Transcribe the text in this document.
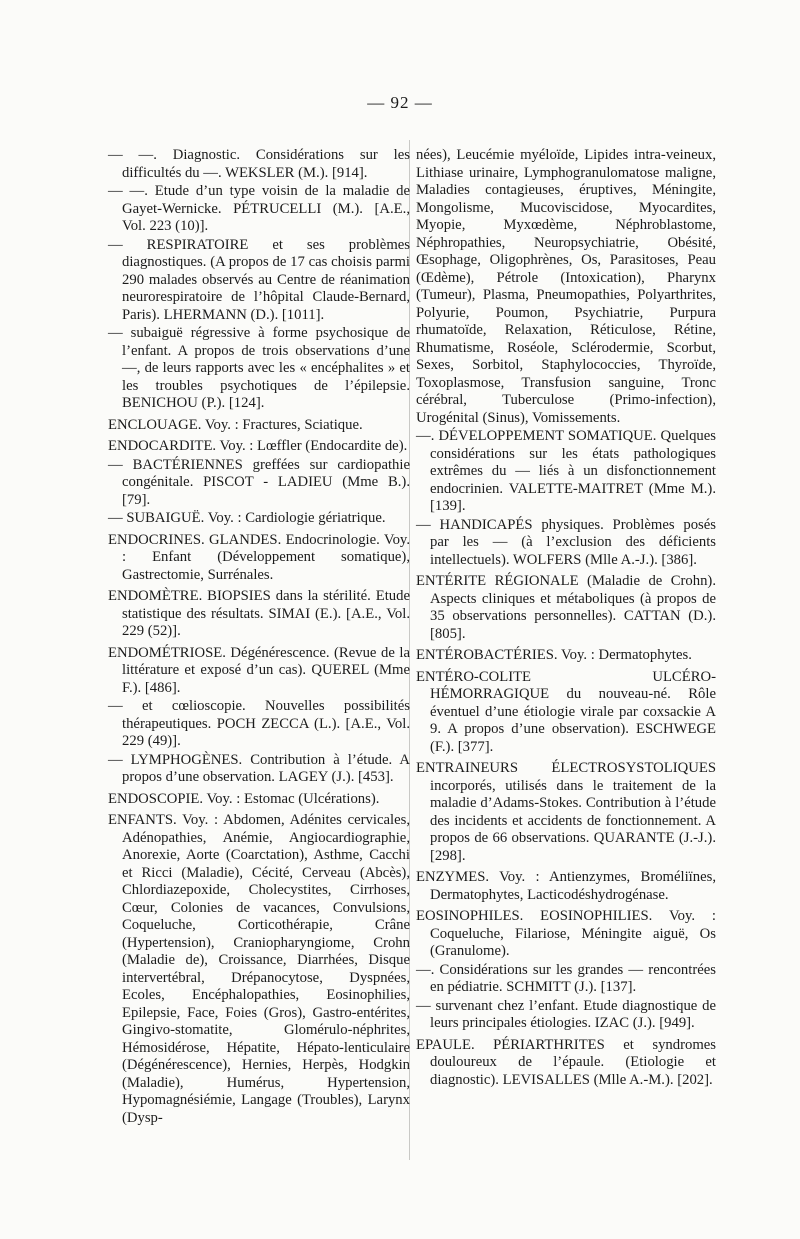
— 92 —

— —. Diagnostic. Considérations sur les difficultés du —. WEKSLER (M.). [914].

— —. Etude d’un type voisin de la maladie de Gayet-Wernicke. PÉTRUCELLI (M.). [A.E., Vol. 223 (10)].

— RESPIRATOIRE et ses problèmes diagnostiques. (A propos de 17 cas choisis parmi 290 malades observés au Centre de réanimation neurorespiratoire de l’hôpital Claude-Bernard, Paris). LHERMANN (D.). [1011].

— subaiguë régressive à forme psychosique de l’enfant. A propos de trois observations d’une —, de leurs rapports avec les « encéphalites » et les troubles psychotiques de l’épilepsie. BENICHOU (P.). [124].

ENCLOUAGE. Voy. : Fractures, Sciatique.

ENDOCARDITE. Voy. : Lœffler (Endocardite de).

— BACTÉRIENNES greffées sur cardiopathie congénitale. PISCOT - LADIEU (Mme B.). [79].

— SUBAIGUË. Voy. : Cardiologie gériatrique.

ENDOCRINES. GLANDES. Endocrinologie. Voy. : Enfant (Développement somatique), Gastrectomie, Surrénales.

ENDOMÈTRE. BIOPSIES dans la stérilité. Etude statistique des résultats. SIMAI (E.). [A.E., Vol. 229 (52)].

ENDOMÉTRIOSE. Dégénérescence. (Revue de la littérature et exposé d’un cas). QUEREL (Mme F.). [486].

— et cœlioscopie. Nouvelles possibilités thérapeutiques. POCH ZECCA (L.). [A.E., Vol. 229 (49)].

— LYMPHOGÈNES. Contribution à l’étude. A propos d’une observation. LAGEY (J.). [453].

ENDOSCOPIE. Voy. : Estomac (Ulcérations).

ENFANTS. Voy. : Abdomen, Adénites cervicales, Adénopathies, Anémie, Angiocardiographie, Anorexie, Aorte (Coarctation), Asthme, Cacchi et Ricci (Maladie), Cécité, Cerveau (Abcès), Chlordiazepoxide, Cholecystites, Cirrhoses, Cœur, Colonies de vacances, Convulsions, Coqueluche, Corticothérapie, Crâne (Hypertension), Craniopharyngiome, Crohn (Maladie de), Croissance, Diarrhées, Disque intervertébral, Drépanocytose, Dyspnées, Ecoles, Encéphalopathies, Eosinophilies, Epilepsie, Face, Foies (Gros), Gastro-entérites, Gingivo-stomatite, Glomérulo-néphrites, Hémosidérose, Hépatite, Hépato-lenticulaire (Dégénérescence), Hernies, Herpès, Hodgkin (Maladie), Humérus, Hypertension, Hypomagnésiémie, Langage (Troubles), Larynx (Dysp-

nées), Leucémie myéloïde, Lipides intra-veineux, Lithiase urinaire, Lymphogranulomatose maligne, Maladies contagieuses, éruptives, Méningite, Mongolisme, Mucoviscidose, Myocardites, Myopie, Myxœdème, Néphroblastome, Néphropathies, Neuropsychiatrie, Obésité, Œsophage, Oligophrènes, Os, Parasitoses, Peau (Œdème), Pétrole (Intoxication), Pharynx (Tumeur), Plasma, Pneumopathies, Polyarthrites, Polyurie, Poumon, Psychiatrie, Purpura rhumatoïde, Relaxation, Réticulose, Rétine, Rhumatisme, Roséole, Sclérodermie, Scorbut, Sexes, Sorbitol, Staphylococcies, Thyroïde, Toxoplasmose, Transfusion sanguine, Tronc cérébral, Tuberculose (Primo-infection), Urogénital (Sinus), Vomissements.

—. DÉVELOPPEMENT SOMATIQUE. Quelques considérations sur les états pathologiques extrêmes du — liés à un disfonctionnement endocrinien. VALETTE-MAITRET (Mme M.). [139].

— HANDICAPÉS physiques. Problèmes posés par les — (à l’exclusion des déficients intellectuels). WOLFERS (Mlle A.-J.). [386].

ENTÉRITE RÉGIONALE (Maladie de Crohn). Aspects cliniques et métaboliques (à propos de 35 observations personnelles). CATTAN (D.). [805].

ENTÉROBACTÉRIES. Voy. : Dermatophytes.

ENTÉRO-COLITE ULCÉRO-HÉMORRAGIQUE du nouveau-né. Rôle éventuel d’une étiologie virale par coxsackie A 9. A propos d’une observation). ESCHWEGE (F.). [377].

ENTRAINEURS ÉLECTROSYSTOLIQUES incorporés, utilisés dans le traitement de la maladie d’Adams-Stokes. Contribution à l’étude des incidents et accidents de fonctionnement. A propos de 66 observations. QUARANTE (J.-J.). [298].

ENZYMES. Voy. : Antienzymes, Broméliïnes, Dermatophytes, Lacticodéshydrogénase.

EOSINOPHILES. EOSINOPHILIES. Voy. : Coqueluche, Filariose, Méningite aiguë, Os (Granulome).

—. Considérations sur les grandes — rencontrées en pédiatrie. SCHMITT (J.). [137].

— survenant chez l’enfant. Etude diagnostique de leurs principales étiologies. IZAC (J.). [949].

EPAULE. PÉRIARTHRITES et syndromes douloureux de l’épaule. (Etiologie et diagnostic). LEVISALLES (Mlle A.-M.). [202].
